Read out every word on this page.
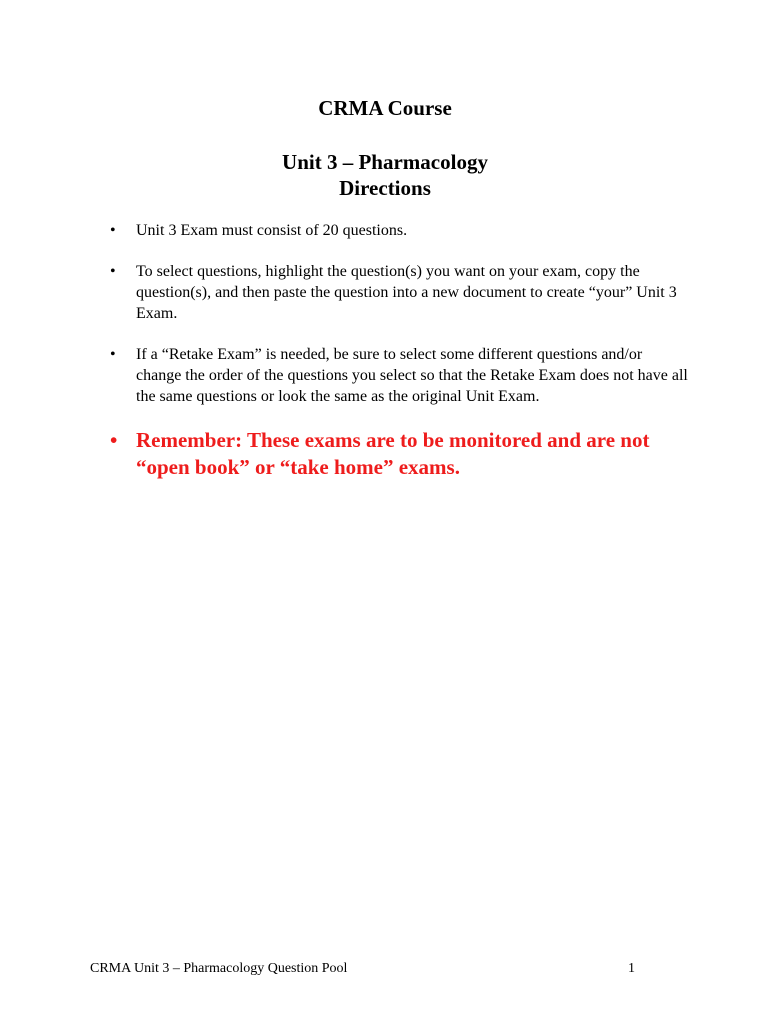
CRMA Course
Unit 3 – Pharmacology
Directions
• Unit 3 Exam must consist of 20 questions.
• To select questions, highlight the question(s) you want on your exam, copy the question(s), and then paste the question into a new document to create “your” Unit 3 Exam.
• If a “Retake Exam” is needed, be sure to select some different questions and/or change the order of the questions you select so that the Retake Exam does not have all the same questions or look the same as the original Unit Exam.
• Remember: These exams are to be monitored and are not “open book” or “take home” exams.
CRMA Unit 3 – Pharmacology Question Pool	1
